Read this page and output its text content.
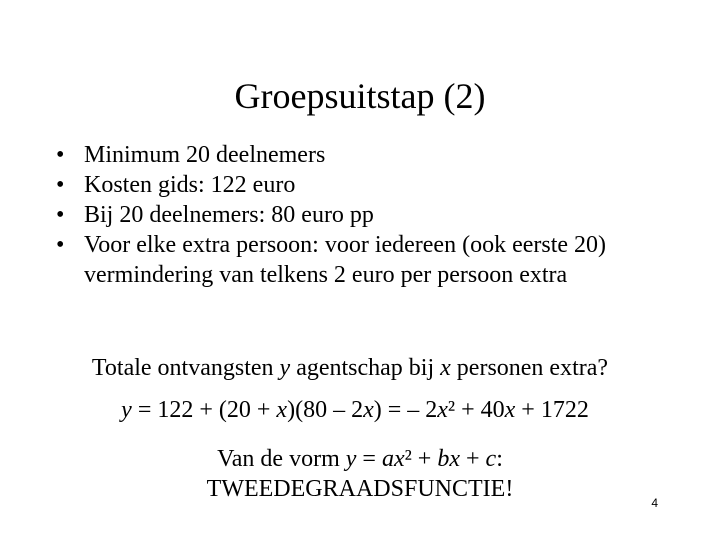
Groepsuitstap (2)
• Minimum 20 deelnemers
• Kosten gids: 122 euro
• Bij 20 deelnemers: 80 euro pp
• Voor elke extra persoon: voor iedereen (ook eerste 20) vermindering van telkens 2 euro per persoon extra
Totale ontvangsten y agentschap bij x personen extra?
y = 122 + (20 + x)(80 – 2x) = – 2x² + 40x + 1722
Van de vorm y = ax² + bx + c:
TWEEDEGRAADSFUNCTIE!
4
